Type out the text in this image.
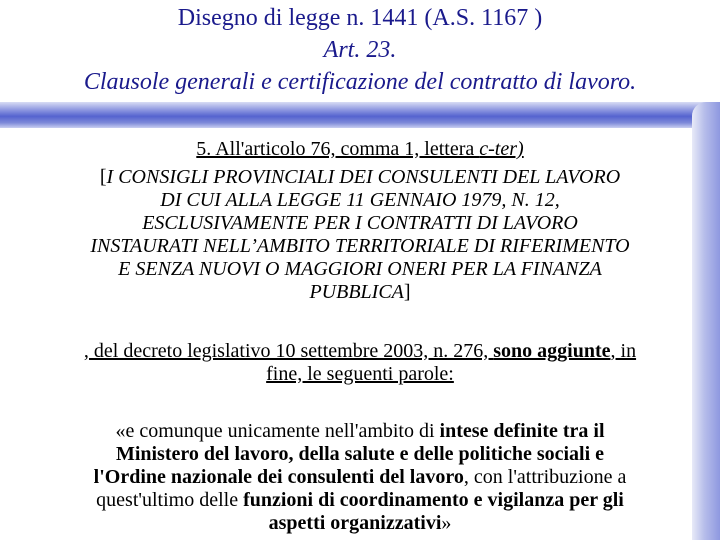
Disegno di legge n. 1441 (A.S. 1167 )
Art. 23.
Clausole generali e certificazione del contratto di lavoro.
5. All'articolo 76, comma 1, lettera c-ter)
[I CONSIGLI PROVINCIALI DEI CONSULENTI DEL LAVORO
DI CUI ALLA LEGGE 11 GENNAIO 1979, N. 12,
ESCLUSIVAMENTE PER I CONTRATTI DI LAVORO
INSTAURATI NELL’AMBITO TERRITORIALE DI RIFERIMENTO
E SENZA NUOVI O MAGGIORI ONERI PER LA FINANZA
PUBBLICA]
, del decreto legislativo 10 settembre 2003, n. 276, sono aggiunte, in
fine, le seguenti parole:
«e comunque unicamente nell'ambito di intese definite tra il
Ministero del lavoro, della salute e delle politiche sociali e
l'Ordine nazionale dei consulenti del lavoro, con l'attribuzione a
quest'ultimo delle funzioni di coordinamento e vigilanza per gli
aspetti organizzativi»
